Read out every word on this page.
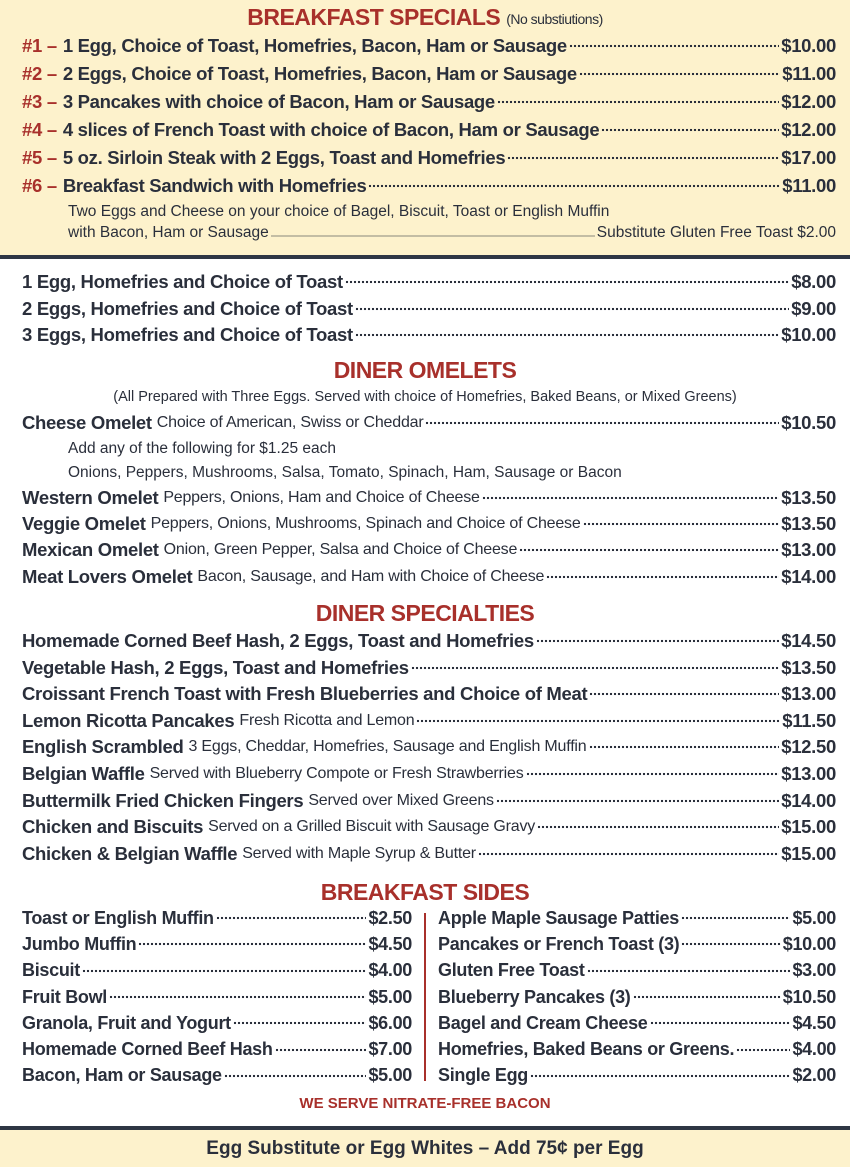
BREAKFAST SPECIALS (No substiutions)
#1 – 1 Egg, Choice of Toast, Homefries, Bacon, Ham or Sausage	$10.00
#2 – 2 Eggs, Choice of Toast, Homefries, Bacon, Ham or Sausage	$11.00
#3 – 3 Pancakes with choice of Bacon, Ham or Sausage	$12.00
#4 – 4 slices of French Toast with choice of Bacon, Ham or Sausage	$12.00
#5 – 5 oz. Sirloin Steak with 2 Eggs, Toast and Homefries	$17.00
#6 – Breakfast Sandwich with Homefries	$11.00
Two Eggs and Cheese on your choice of Bagel, Biscuit, Toast or English Muffin
with Bacon, Ham or Sausage	Substitute Gluten Free Toast $2.00
1 Egg, Homefries and Choice of Toast	$8.00
2 Eggs, Homefries and Choice of Toast	$9.00
3 Eggs, Homefries and Choice of Toast	$10.00
DINER OMELETS
(All Prepared with Three Eggs. Served with choice of Homefries, Baked Beans, or Mixed Greens)
Cheese Omelet Choice of American, Swiss or Cheddar	$10.50
Add any of the following for $1.25 each
Onions, Peppers, Mushrooms, Salsa, Tomato, Spinach, Ham, Sausage or Bacon
Western Omelet Peppers, Onions, Ham and Choice of Cheese	$13.50
Veggie Omelet Peppers, Onions, Mushrooms, Spinach and Choice of Cheese	$13.50
Mexican Omelet Onion, Green Pepper, Salsa and Choice of Cheese	$13.00
Meat Lovers Omelet Bacon, Sausage, and Ham with Choice of Cheese	$14.00
DINER SPECIALTIES
Homemade Corned Beef Hash, 2 Eggs, Toast and Homefries	$14.50
Vegetable Hash, 2 Eggs, Toast and Homefries	$13.50
Croissant French Toast with Fresh Blueberries and Choice of Meat	$13.00
Lemon Ricotta Pancakes Fresh Ricotta and Lemon	$11.50
English Scrambled 3 Eggs, Cheddar, Homefries, Sausage and English Muffin	$12.50
Belgian Waffle Served with Blueberry Compote or Fresh Strawberries	$13.00
Buttermilk Fried Chicken Fingers Served over Mixed Greens	$14.00
Chicken and Biscuits Served on a Grilled Biscuit with Sausage Gravy	$15.00
Chicken & Belgian Waffle Served with Maple Syrup & Butter	$15.00
BREAKFAST SIDES
Toast or English Muffin	$2.50
Jumbo Muffin	$4.50
Biscuit	$4.00
Fruit Bowl	$5.00
Granola, Fruit and Yogurt	$6.00
Homemade Corned Beef Hash	$7.00
Bacon, Ham or Sausage	$5.00
Apple Maple Sausage Patties	$5.00
Pancakes or French Toast (3)	$10.00
Gluten Free Toast	$3.00
Blueberry Pancakes (3)	$10.50
Bagel and Cream Cheese	$4.50
Homefries, Baked Beans or Greens.	$4.00
Single Egg	$2.00
WE SERVE NITRATE-FREE BACON
Egg Substitute or Egg Whites – Add 75¢ per Egg
